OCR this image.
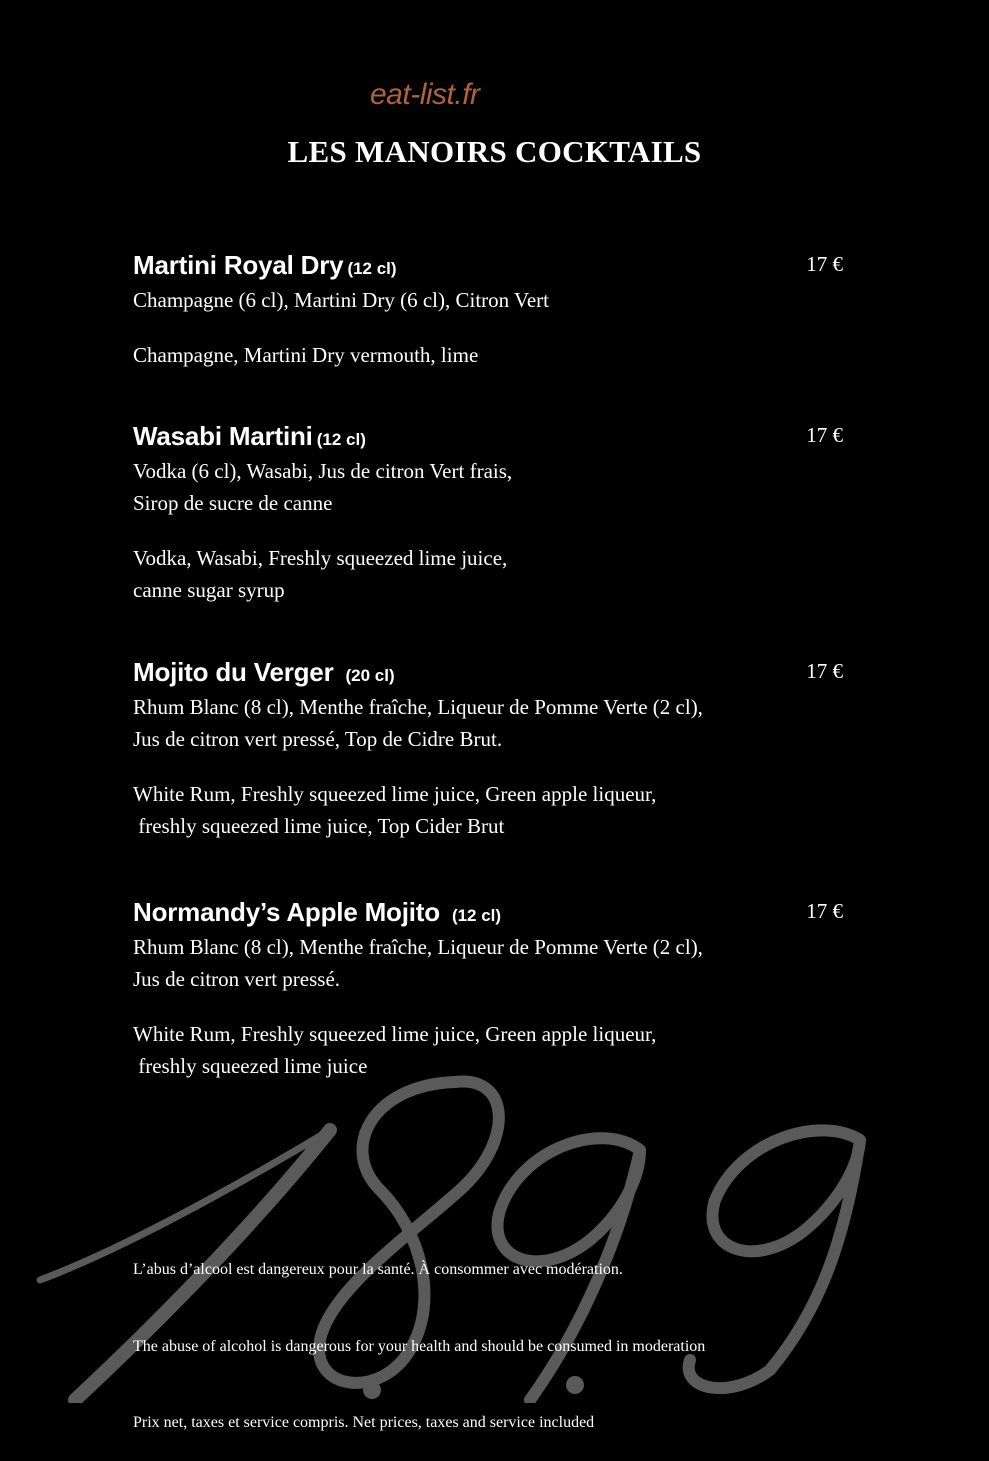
eat-list.fr
LES MANOIRS COCKTAILS
Martini Royal Dry (12 cl)	17 €
Champagne (6 cl), Martini Dry (6 cl), Citron Vert
Champagne, Martini Dry vermouth, lime
Wasabi Martini (12 cl)	17 €
Vodka (6 cl), Wasabi, Jus de citron Vert frais,
Sirop de sucre de canne
Vodka, Wasabi, Freshly squeezed lime juice,
canne sugar syrup
Mojito du Verger (20 cl)	17 €
Rhum Blanc (8 cl), Menthe fraîche, Liqueur de Pomme Verte (2 cl),
Jus de citron vert pressé, Top de Cidre Brut.
White Rum, Freshly squeezed lime juice, Green apple liqueur,
freshly squeezed lime juice, Top Cider Brut
Normandy’s Apple Mojito (12 cl)	17 €
Rhum Blanc (8 cl), Menthe fraîche, Liqueur de Pomme Verte (2 cl),
Jus de citron vert pressé.
White Rum, Freshly squeezed lime juice, Green apple liqueur,
freshly squeezed lime juice

L’abus d’alcool est dangereux pour la santé. À consommer avec modération.

The abuse of alcohol is dangerous for your health and should be consumed in moderation

Prix net, taxes et service compris. Net prices, taxes and service included
